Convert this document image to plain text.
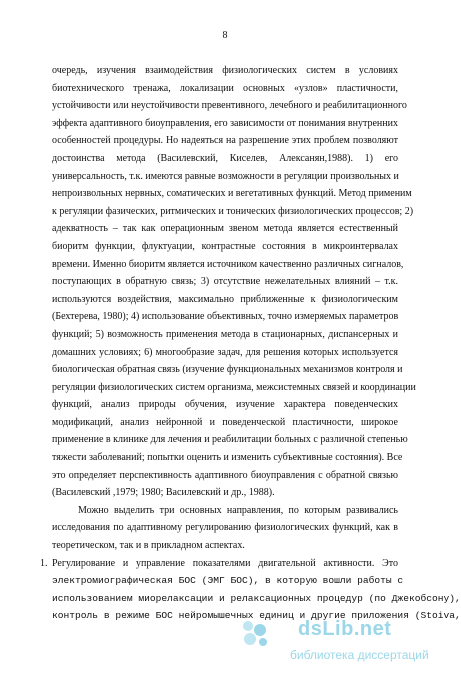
8
очередь, изучения взаимодействия физиологических систем в условиях
биотехнического тренажа, локализации основных «узлов» пластичности,
устойчивости или неустойчивости превентивного, лечебного и реабилитационного
эффекта адаптивного биоуправления, его зависимости от понимания внутренних
особенностей процедуры. Но надеяться на разрешение этих проблем позволяют
достоинства метода (Василевский, Киселев, Алексанян,1988). 1) его
универсальность, т.к. имеются равные возможности в регуляции произвольных и
непроизвольных нервных, соматических и вегетативных функций. Метод применим
к регуляции фазических, ритмических и тонических физиологических процессов; 2)
адекватность – так как операционным звеном метода является естественный
биоритм функции, флуктуации, контрастные состояния в микроинтервалах
времени. Именно биоритм является источником качественно различных сигналов,
поступающих в обратную связь; 3) отсутствие нежелательных влияний – т.к.
используются воздействия, максимально приближенные к физиологическим
(Бехтерева, 1980); 4) использование объективных, точно измеряемых параметров
функций; 5) возможность применения метода в стационарных, диспансерных и
домашних условиях; 6) многообразие задач, для решения которых используется
биологическая обратная связь (изучение функциональных механизмов контроля и
регуляции физиологических систем организма, межсистемных связей и координации
функций, анализ природы обучения, изучение характера поведенческих
модификаций, анализ нейронной и поведенческой пластичности, широкое
применение в клинике для лечения и реабилитации больных с различной степенью
тяжести заболеваний; попытки оценить и изменить субъективные состояния). Все
это определяет перспективность адаптивного биоуправления с обратной связью
(Василевский ,1979; 1980; Василевский и др., 1988).
Можно выделить три основных направления, по которым развивались
исследования по адаптивному регулированию физиологических функций, как в
теоретическом, так и в прикладном аспектах.
1. Регулирование и управление показателями двигательной активности. Это
электромиографическая БОС (ЭМГ БОС), в которую вошли работы с
использованием миорелаксации и релаксационных процедур (по Джекобсону),
контроль в режиме БОС нейромышечных единиц и другие приложения (Stoiva,
dsLib.net
библиотека диссертаций
